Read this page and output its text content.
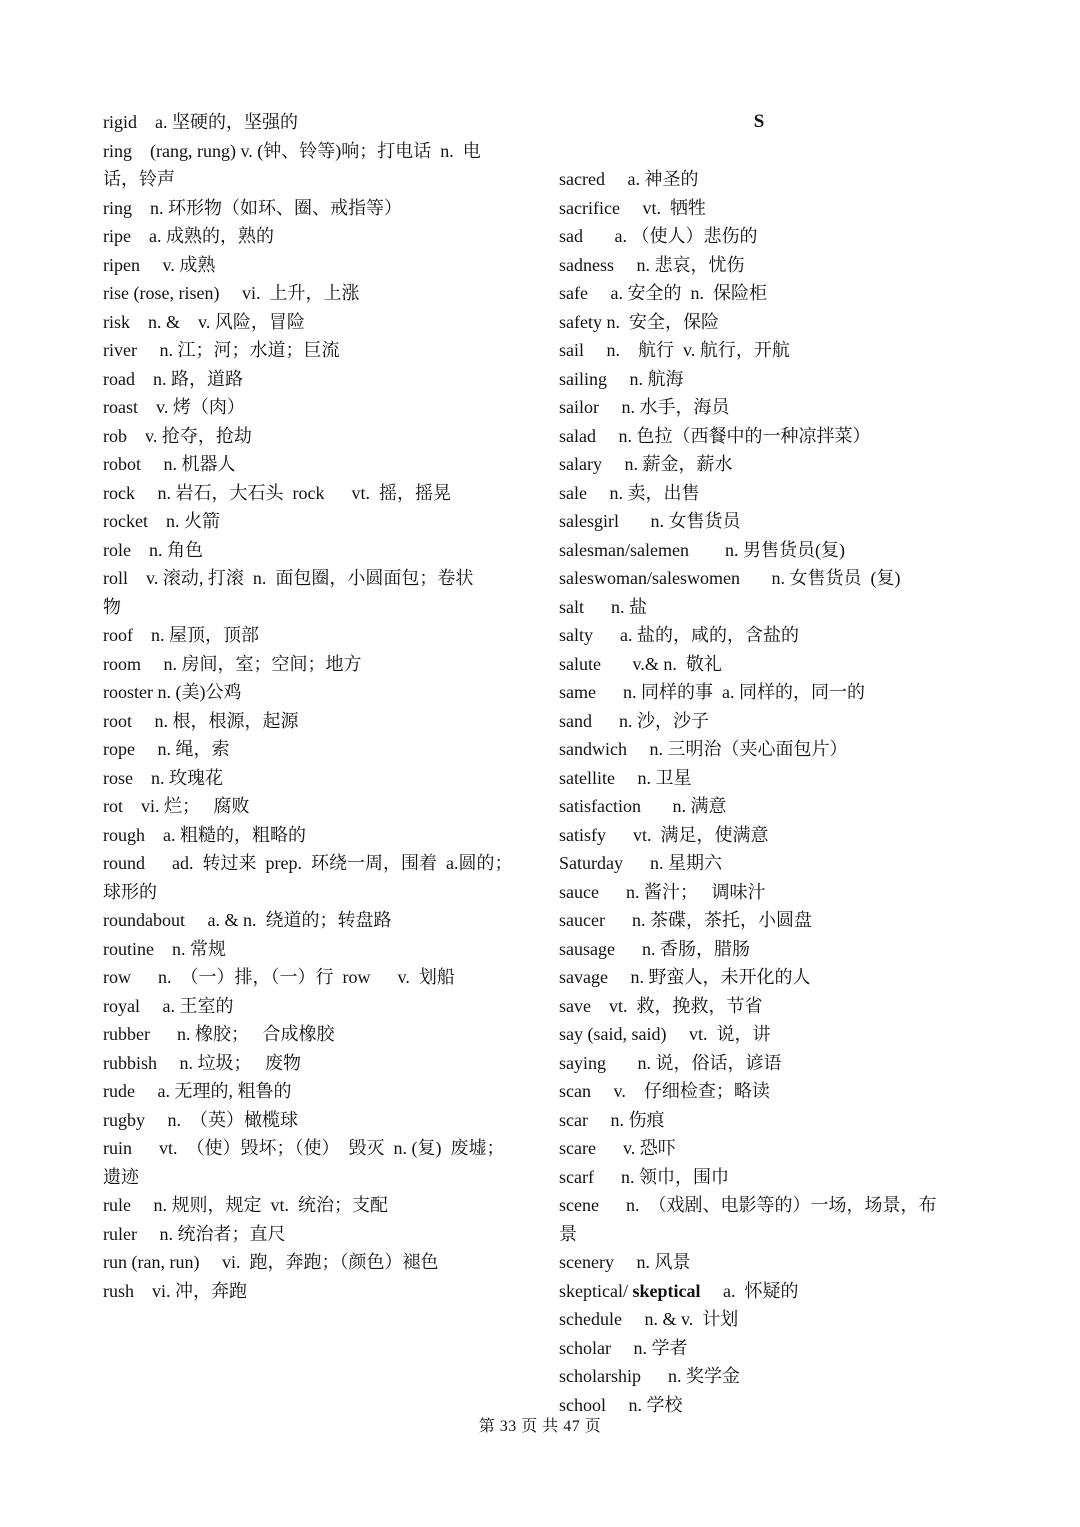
rigid    a. 坚硬的，坚强的

ring    (rang, rung) v. (钟、铃等)响；打电话  n.  电

话，铃声

ring    n. 环形物（如环、圈、戒指等）

ripe    a. 成熟的，熟的

ripen     v. 成熟

rise (rose, risen)     vi.  上升，上涨

risk    n. &    v. 风险，冒险

river     n. 江；河；水道；巨流

road    n. 路，道路

roast    v. 烤（肉）

rob    v. 抢夺，抢劫

robot     n. 机器人

rock     n. 岩石，大石头  rock      vt.  摇，摇晃

rocket    n. 火箭

role    n. 角色

roll    v. 滚动, 打滚  n.  面包圈，小圆面包；卷状

物

roof    n. 屋顶，顶部

room     n. 房间，室；空间；地方

rooster n. (美)公鸡

root     n. 根，根源，起源

rope     n. 绳，索

rose    n. 玫瑰花

rot    vi. 烂；   腐败

rough    a. 粗糙的，粗略的

round      ad.  转过来  prep.  环绕一周，围着  a.圆的；

球形的

roundabout     a. & n.  绕道的；转盘路

routine    n. 常规

row      n.  （一）排，（一）行  row      v.  划船

royal     a. 王室的

rubber      n. 橡胶；   合成橡胶

rubbish     n. 垃圾；   废物

rude     a. 无理的, 粗鲁的

rugby     n.  （英）橄榄球

ruin      vt.  （使）毁坏；（使）  毁灭  n. (复)  废墟；

遗迹

rule     n. 规则，规定  vt.  统治；支配

ruler     n. 统治者；直尺

run (ran, run)     vi.  跑，奔跑；（颜色）褪色

rush    vi. 冲，奔跑

S

sacred     a. 神圣的

sacrifice     vt.  牺牲

sad       a. （使人）悲伤的

sadness     n. 悲哀，忧伤

safe     a. 安全的  n.  保险柜

safety n.  安全，保险

sail     n.    航行  v. 航行，开航

sailing     n. 航海

sailor     n. 水手，海员

salad     n. 色拉（西餐中的一种凉拌菜）

salary     n. 薪金，薪水

sale     n. 卖，出售

salesgirl       n. 女售货员

salesman/salemen        n. 男售货员(复)

saleswoman/saleswomen       n. 女售货员  (复)

salt      n. 盐

salty      a. 盐的，咸的，含盐的

salute       v.& n.  敬礼

same      n. 同样的事  a. 同样的，同一的

sand      n. 沙，沙子

sandwich     n. 三明治（夹心面包片）

satellite     n. 卫星

satisfaction       n. 满意

satisfy      vt.  满足，使满意

Saturday      n. 星期六

sauce      n. 酱汁；   调味汁

saucer      n. 茶碟，茶托，小圆盘

sausage      n. 香肠，腊肠

savage     n. 野蛮人，未开化的人

save    vt.  救，挽救，节省

say (said, said)     vt.  说，讲

saying       n. 说，俗话，谚语

scan     v.    仔细检查；略读

scar     n. 伤痕

scare      v. 恐吓

scarf      n. 领巾，围巾

scene      n.  （戏剧、电影等的）一场，场景，布

景

scenery     n. 风景

skeptical/ skeptical     a.  怀疑的

schedule     n. & v.  计划

scholar     n. 学者

scholarship      n. 奖学金

school     n. 学校

第 33 页 共 47 页
